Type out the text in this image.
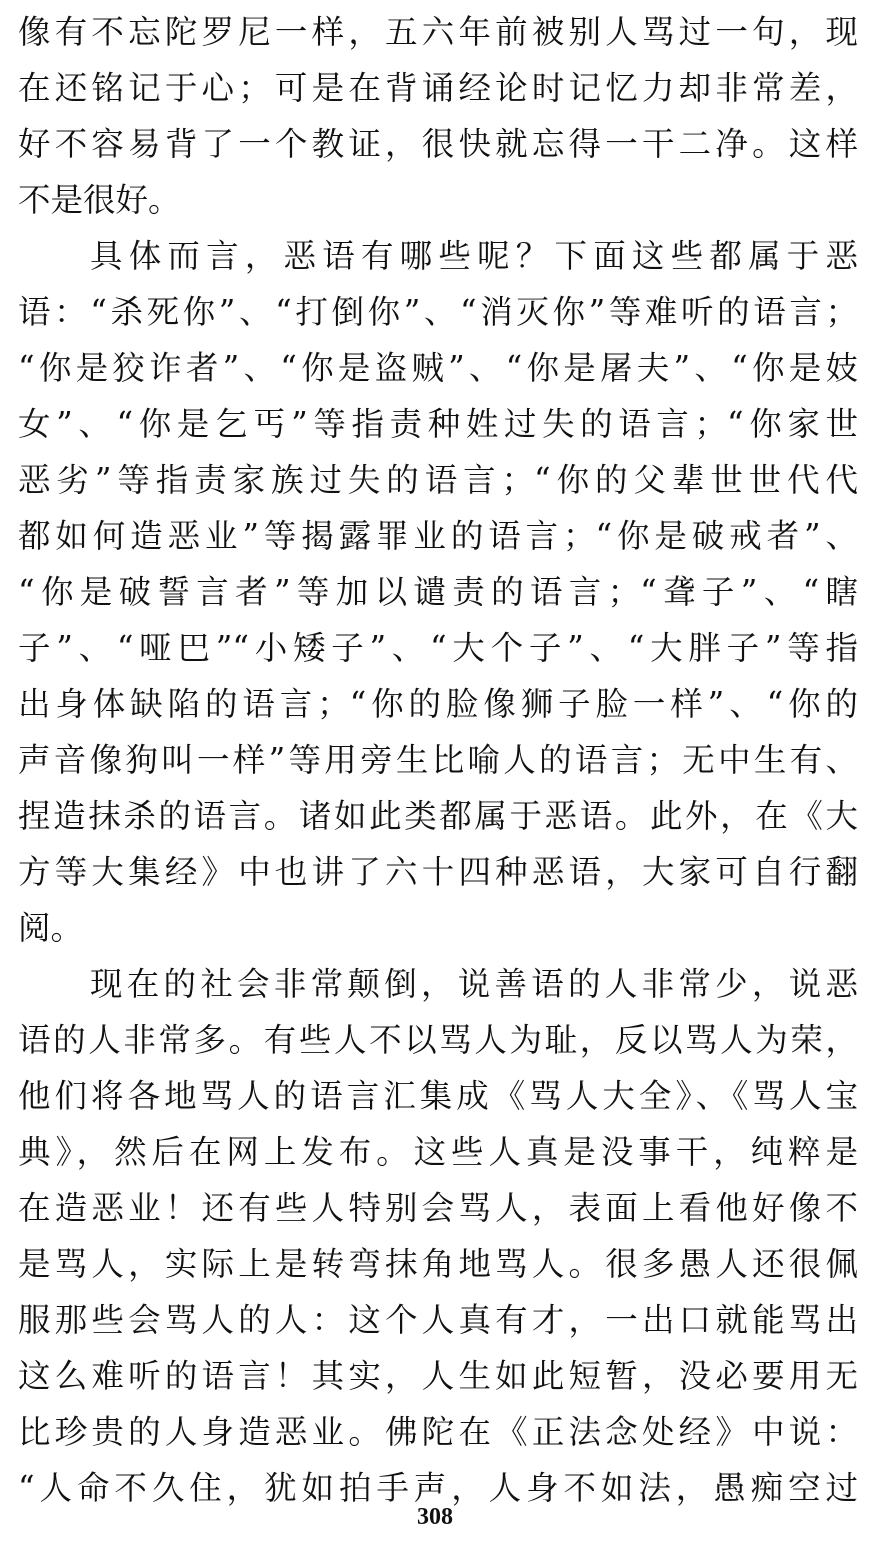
像有不忘陀罗尼一样，五六年前被别人骂过一句，现
在还铭记于心；可是在背诵经论时记忆力却非常差，
好不容易背了一个教证，很快就忘得一干二净。这样
不是很好。
具体而言，恶语有哪些呢？下面这些都属于恶
语：“杀死你”、“打倒你”、“消灭你”等难听的语言；
“你是狡诈者”、“你是盗贼”、“你是屠夫”、“你是妓
女”、“你是乞丐”等指责种姓过失的语言；“你家世
恶劣”等指责家族过失的语言；“你的父辈世世代代
都如何造恶业”等揭露罪业的语言；“你是破戒者”、
“你是破誓言者”等加以谴责的语言；“聋子”、“瞎
子”、“哑巴”“小矮子”、“大个子”、“大胖子”等指
出身体缺陷的语言；“你的脸像狮子脸一样”、“你的
声音像狗叫一样”等用旁生比喻人的语言；无中生有、
捏造抹杀的语言。诸如此类都属于恶语。此外，在《大
方等大集经》中也讲了六十四种恶语，大家可自行翻
阅。
现在的社会非常颠倒，说善语的人非常少，说恶
语的人非常多。有些人不以骂人为耻，反以骂人为荣，
他们将各地骂人的语言汇集成《骂人大全》、《骂人宝
典》，然后在网上发布。这些人真是没事干，纯粹是
在造恶业！还有些人特别会骂人，表面上看他好像不
是骂人，实际上是转弯抹角地骂人。很多愚人还很佩
服那些会骂人的人：这个人真有才，一出口就能骂出
这么难听的语言！其实，人生如此短暂，没必要用无
比珍贵的人身造恶业。佛陀在《正法念处经》中说：
“人命不久住，犹如拍手声，人身不如法，愚痴空过
308
